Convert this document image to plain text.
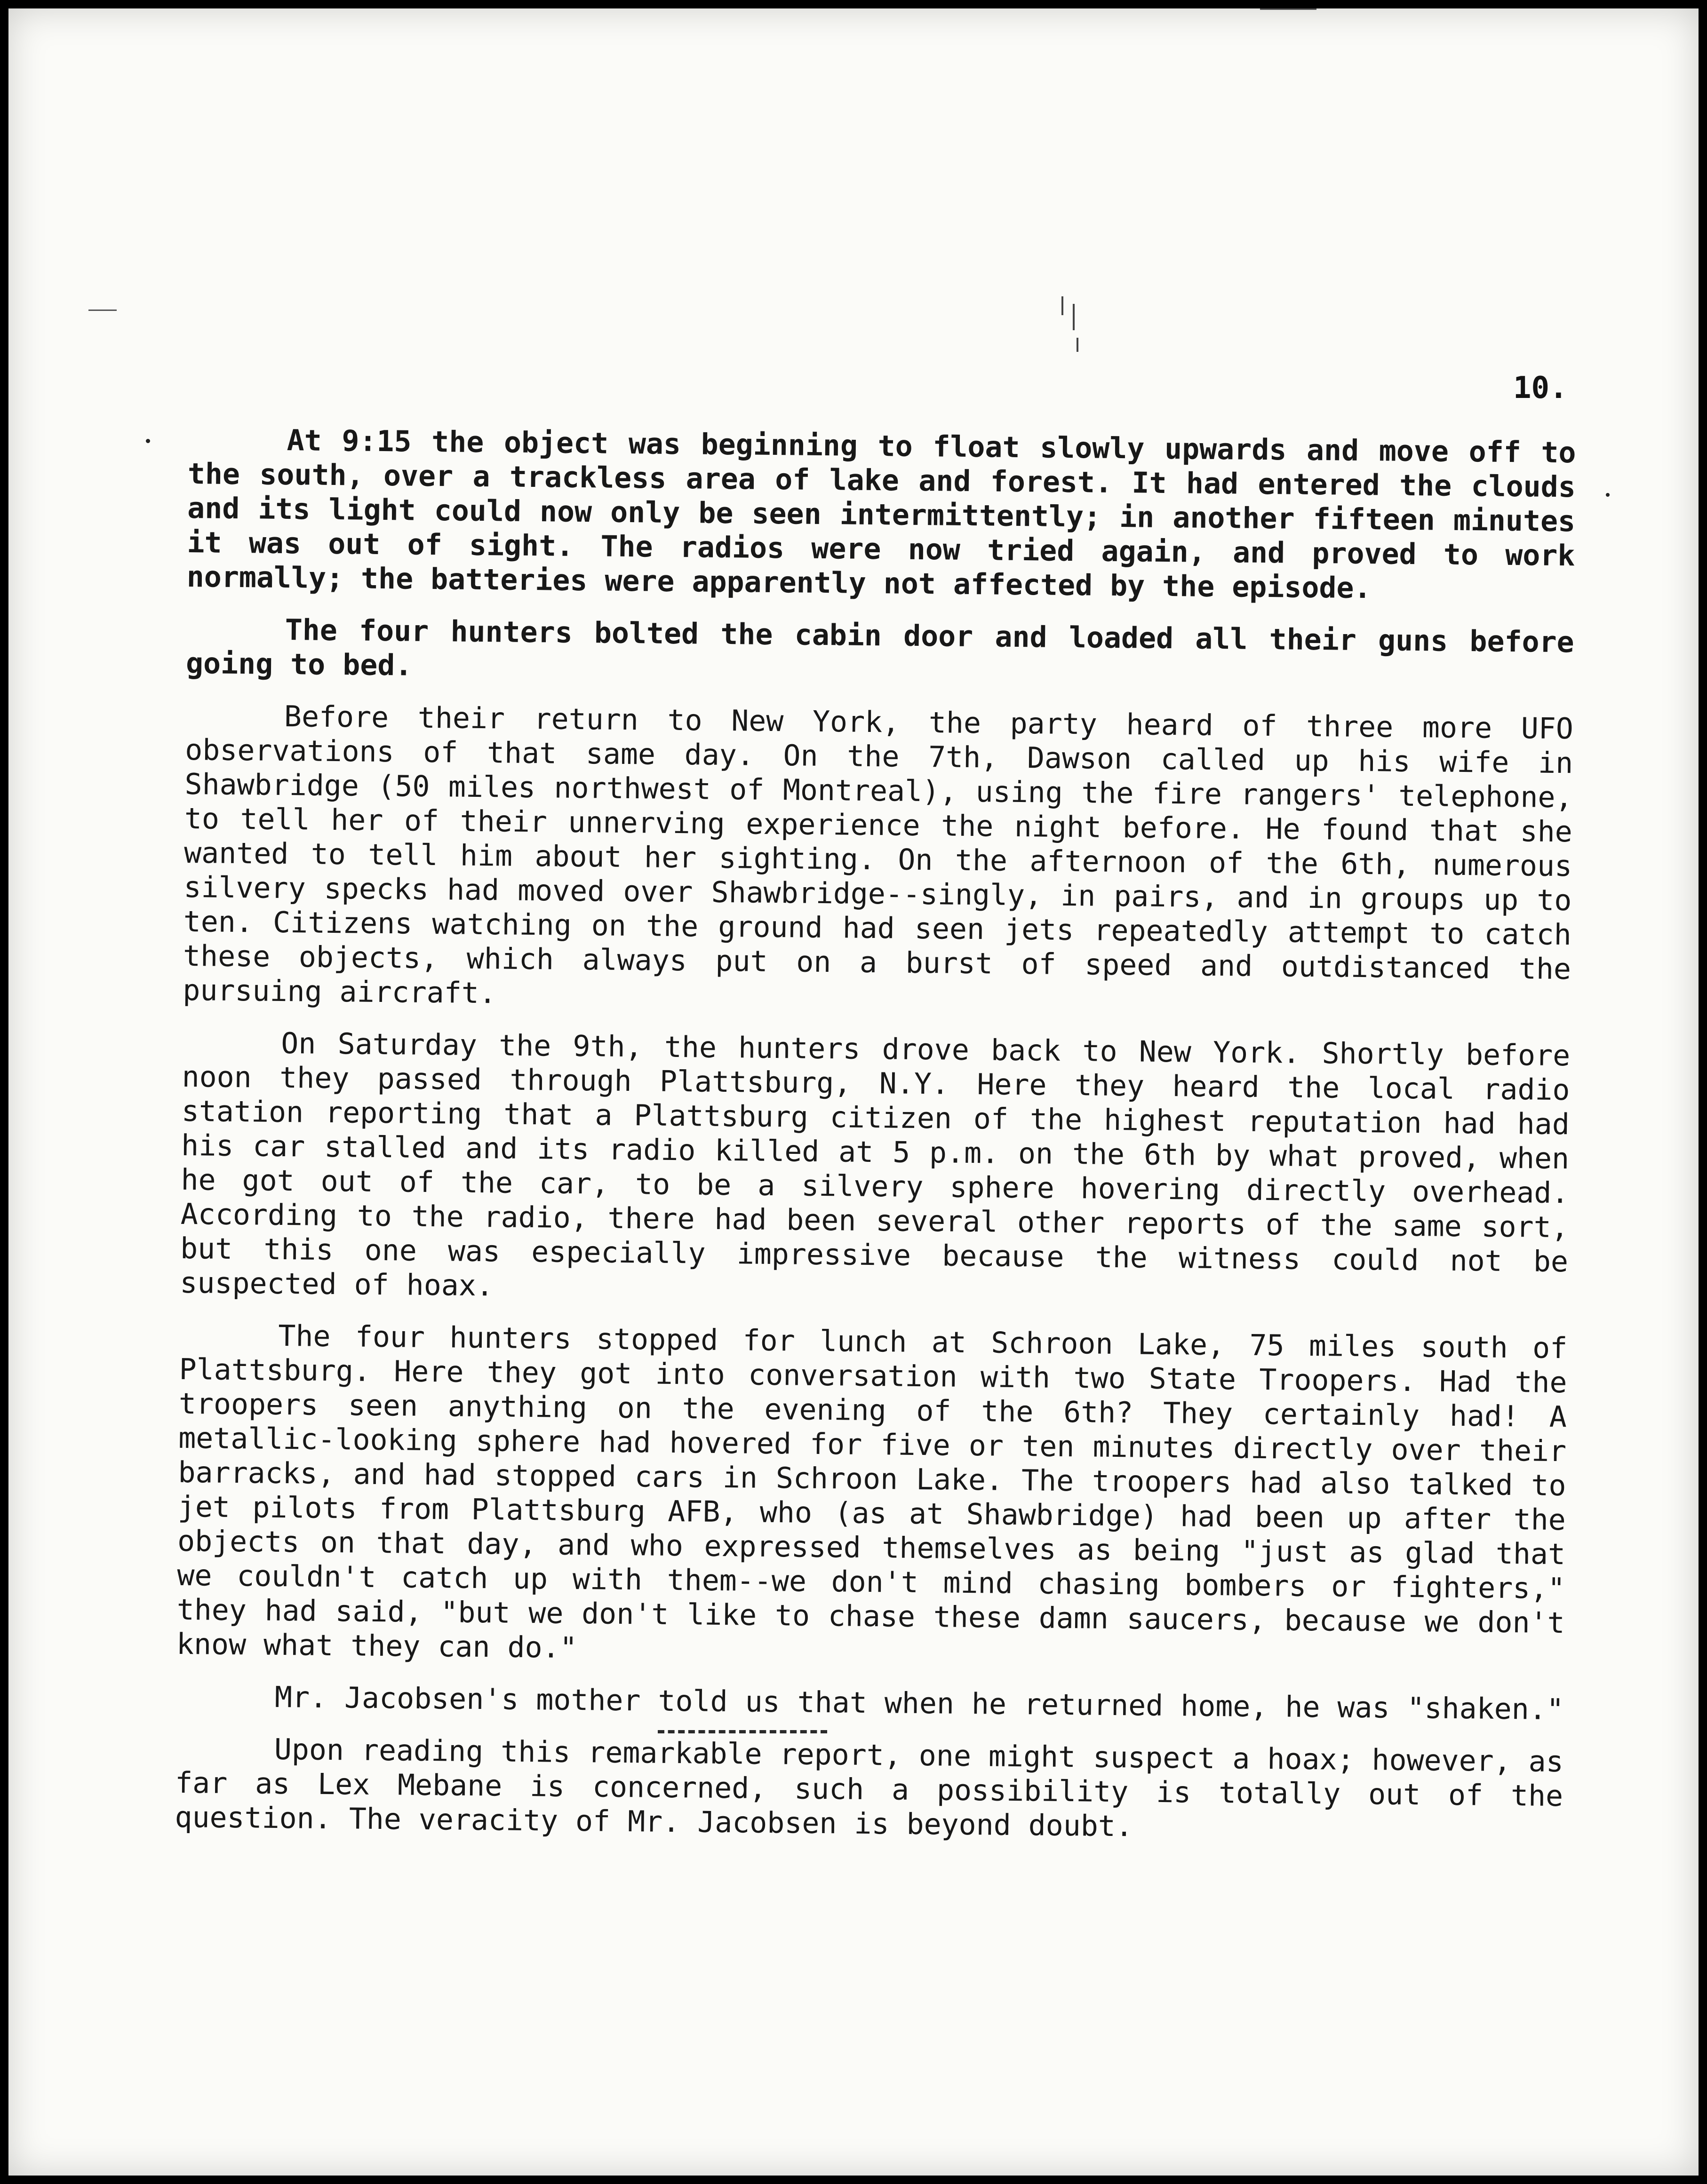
10.

At 9:15 the object was beginning to float slowly upwards and move off to the south, over a trackless area of lake and forest. It had entered the clouds and its light could now only be seen intermittently; in another fifteen minutes it was out of sight. The radios were now tried again, and proved to work normally; the batteries were apparently not affected by the episode.

The four hunters bolted the cabin door and loaded all their guns before going to bed.

Before their return to New York, the party heard of three more UFO observations of that same day. On the 7th, Dawson called up his wife in Shawbridge (50 miles northwest of Montreal), using the fire rangers' telephone, to tell her of their unnerving experience the night before. He found that she wanted to tell him about her sighting. On the afternoon of the 6th, numerous silvery specks had moved over Shawbridge--singly, in pairs, and in groups up to ten. Citizens watching on the ground had seen jets repeatedly attempt to catch these objects, which always put on a burst of speed and outdistanced the pursuing aircraft.

On Saturday the 9th, the hunters drove back to New York. Shortly before noon they passed through Plattsburg, N.Y. Here they heard the local radio station reporting that a Plattsburg citizen of the highest reputation had had his car stalled and its radio killed at 5 p.m. on the 6th by what proved, when he got out of the car, to be a silvery sphere hovering directly overhead. According to the radio, there had been several other reports of the same sort, but this one was especially impressive because the witness could not be suspected of hoax.

The four hunters stopped for lunch at Schroon Lake, 75 miles south of Plattsburg. Here they got into conversation with two State Troopers. Had the troopers seen anything on the evening of the 6th? They certainly had! A metallic-looking sphere had hovered for five or ten minutes directly over their barracks, and had stopped cars in Schroon Lake. The troopers had also talked to jet pilots from Plattsburg AFB, who (as at Shawbridge) had been up after the objects on that day, and who expressed themselves as being "just as glad that we couldn't catch up with them--we don't mind chasing bombers or fighters," they had said, "but we don't like to chase these damn saucers, because we don't know what they can do."

Mr. Jacobsen's mother told us that when he returned home, he was "shaken."

Upon reading this remarkable report, one might suspect a hoax; however, as far as Lex Mebane is concerned, such a possibility is totally out of the question. The veracity of Mr. Jacobsen is beyond doubt.
